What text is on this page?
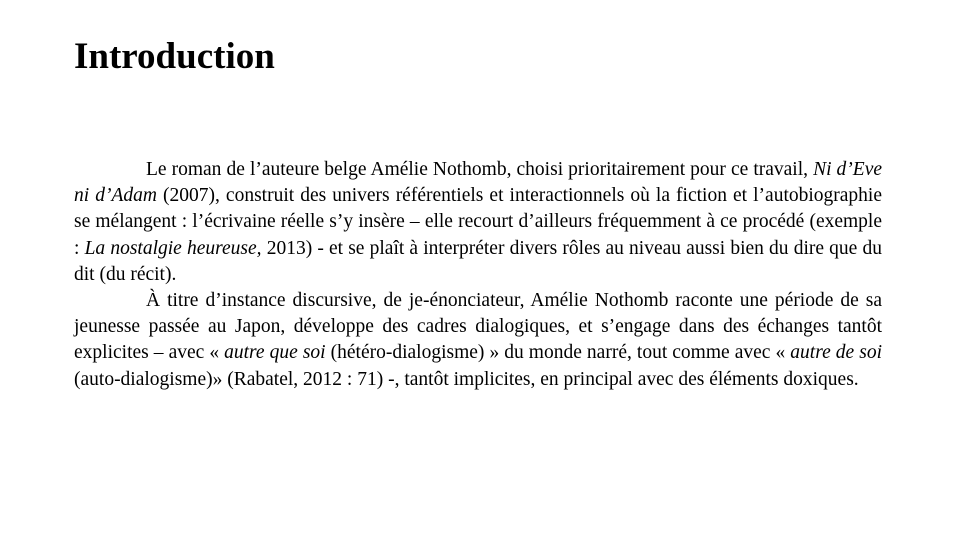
Introduction

Le roman de l’auteure belge Amélie Nothomb, choisi prioritairement pour ce travail, Ni d’Eve ni d’Adam (2007), construit des univers référentiels et interactionnels où la fiction et l’autobiographie se mélangent : l’écrivaine réelle s’y insère – elle recourt d’ailleurs fréquemment à ce procédé (exemple : La nostalgie heureuse, 2013) - et se plaît à interpréter divers rôles au niveau aussi bien du dire que du dit (du récit).

À titre d’instance discursive, de je-énonciateur, Amélie Nothomb raconte une période de sa jeunesse passée au Japon, développe des cadres dialogiques, et s’engage dans des échanges tantôt explicites – avec « autre que soi (hétéro-dialogisme) » du monde narré, tout comme avec « autre de soi (auto-dialogisme)» (Rabatel, 2012 : 71) -, tantôt implicites, en principal avec des éléments doxiques.
